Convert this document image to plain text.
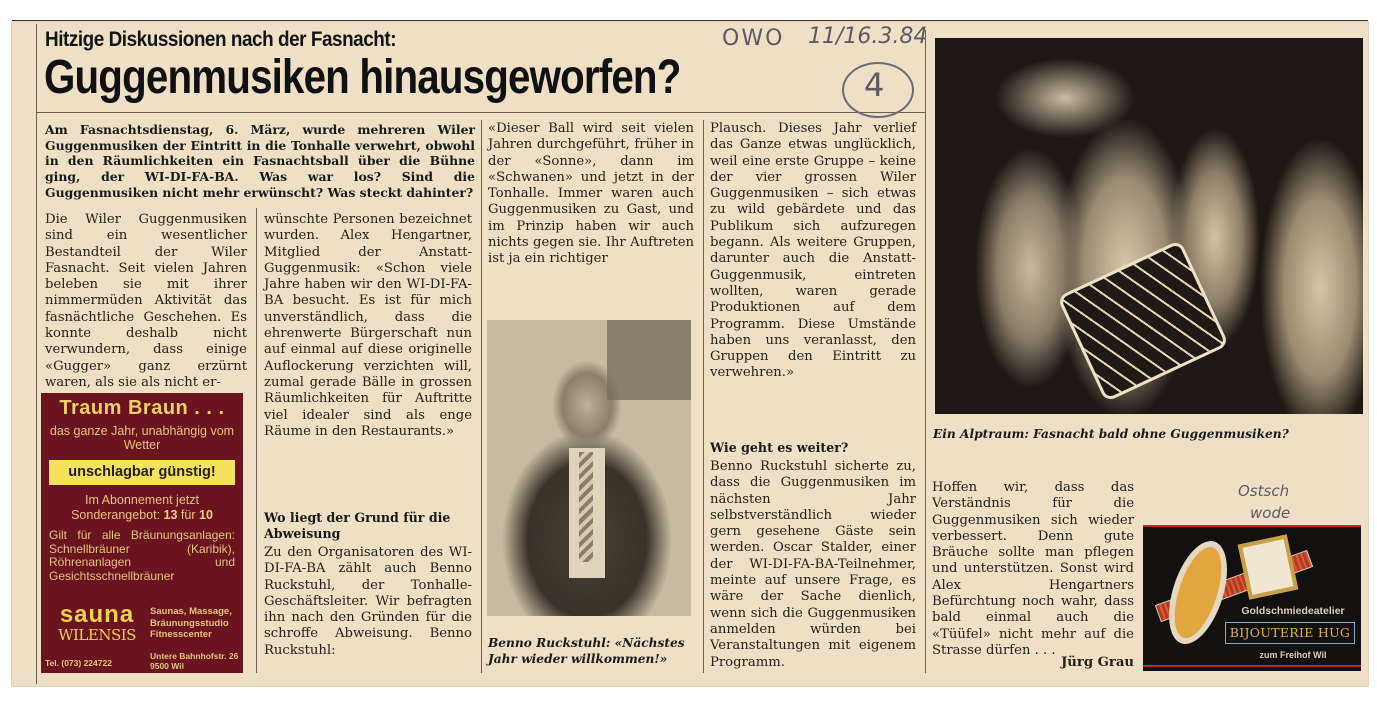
Hitzige Diskussionen nach der Fasnacht:
Guggenmusiken hinausgeworfen?
OWO 11/16.3.84
4
Ostsch
wode
Am Fasnachtsdienstag, 6. März, wurde mehreren Wiler Guggenmusiken der Eintritt in die Tonhalle verwehrt, obwohl in den Räumlichkeiten ein Fasnachtsball über die Bühne ging, der WI-DI-FA-BA. Was war los? Sind die Guggenmusiken nicht mehr erwünscht? Was steckt dahinter?
Die Wiler Guggenmusiken sind ein wesentlicher Bestandteil der Wiler Fasnacht. Seit vielen Jahren beleben sie mit ihrer nimmermüden Aktivität das fasnächtliche Geschehen. Es konnte deshalb nicht verwundern, dass einige «Gugger» ganz erzürnt waren, als sie als nicht er-
Traum Braun . . .
das ganze Jahr, unabhängig vom Wetter
unschlagbar günstig!
Im Abonnement jetzt
Sonderangebot: 13 für 10
Gilt für alle Bräunungsanlagen: Schnellbräuner (Karibik), Röhrenanlagen und Gesichtsschnellbräuner
sauna
WILENSIS
Saunas, Massage, Bräunungsstudio Fitnesscenter
Untere Bahnhofstr. 26 9500 Wil
Tel. (073) 224722
wünschte Personen bezeichnet wurden. Alex Hengartner, Mitglied der Anstatt-Guggenmusik: «Schon viele Jahre haben wir den WI-DI-FA-BA besucht. Es ist für mich unverständlich, dass die ehrenwerte Bürgerschaft nun auf einmal auf diese originelle Auflockerung verzichten will, zumal gerade Bälle in grossen Räumlichkeiten für Auftritte viel idealer sind als enge Räume in den Restaurants.»
Wo liegt der Grund für die Abweisung
Zu den Organisatoren des WI-DI-FA-BA zählt auch Benno Ruckstuhl, der Tonhalle-Geschäftsleiter. Wir befragten ihn nach den Gründen für die schroffe Abweisung. Benno Ruckstuhl:
«Dieser Ball wird seit vielen Jahren durchgeführt, früher in der «Sonne», dann im «Schwanen» und jetzt in der Tonhalle. Immer waren auch Guggenmusiken zu Gast, und im Prinzip haben wir auch nichts gegen sie. Ihr Auftreten ist ja ein richtiger
Benno Ruckstuhl: «Nächstes Jahr wieder willkommen!»
Plausch. Dieses Jahr verlief das Ganze etwas unglücklich, weil eine erste Gruppe – keine der vier grossen Wiler Guggenmusiken – sich etwas zu wild gebärdete und das Publikum sich aufzuregen begann. Als weitere Gruppen, darunter auch die Anstatt-Guggenmusik, eintreten wollten, waren gerade Produktionen auf dem Programm. Diese Umstände haben uns veranlasst, den Gruppen den Eintritt zu verwehren.»
Wie geht es weiter?
Benno Ruckstuhl sicherte zu, dass die Guggenmusiken im nächsten Jahr selbstverständlich wieder gern gesehene Gäste sein werden. Oscar Stalder, einer der WI-DI-FA-BA-Teilnehmer, meinte auf unsere Frage, es wäre der Sache dienlich, wenn sich die Guggenmusiken anmelden würden bei Veranstaltungen mit eigenem Programm.
Ein Alptraum: Fasnacht bald ohne Guggenmusiken?
Hoffen wir, dass das Verständnis für die Guggenmusiken sich wieder verbessert. Denn gute Bräuche sollte man pflegen und unterstützen. Sonst wird Alex Hengartners Befürchtung noch wahr, dass bald einmal auch die «Tüüfel» nicht mehr auf die Strasse dürfen . . .
Jürg Grau
Goldschmiedeatelier
BIJOUTERIE HUG
zum Freihof Wil
